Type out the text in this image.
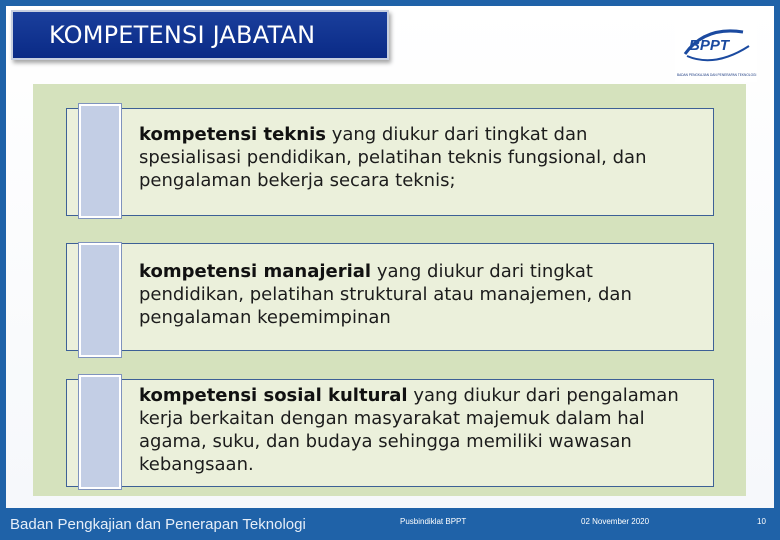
KOMPETENSI JABATAN	BPPT
BADAN PENGKAJIAN DAN PENERAPAN TEKNOLOGI
kompetensi teknis yang diukur dari tingkat dan
spesialisasi pendidikan, pelatihan teknis fungsional, dan
pengalaman bekerja secara teknis;
kompetensi manajerial yang diukur dari tingkat
pendidikan, pelatihan struktural atau manajemen, dan
pengalaman kepemimpinan
kompetensi sosial kultural yang diukur dari pengalaman
kerja berkaitan dengan masyarakat majemuk dalam hal
agama, suku, dan budaya sehingga memiliki wawasan
kebangsaan.
Badan Pengkajian dan Penerapan Teknologi	Pusbindiklat BPPT	02 November 2020	10
